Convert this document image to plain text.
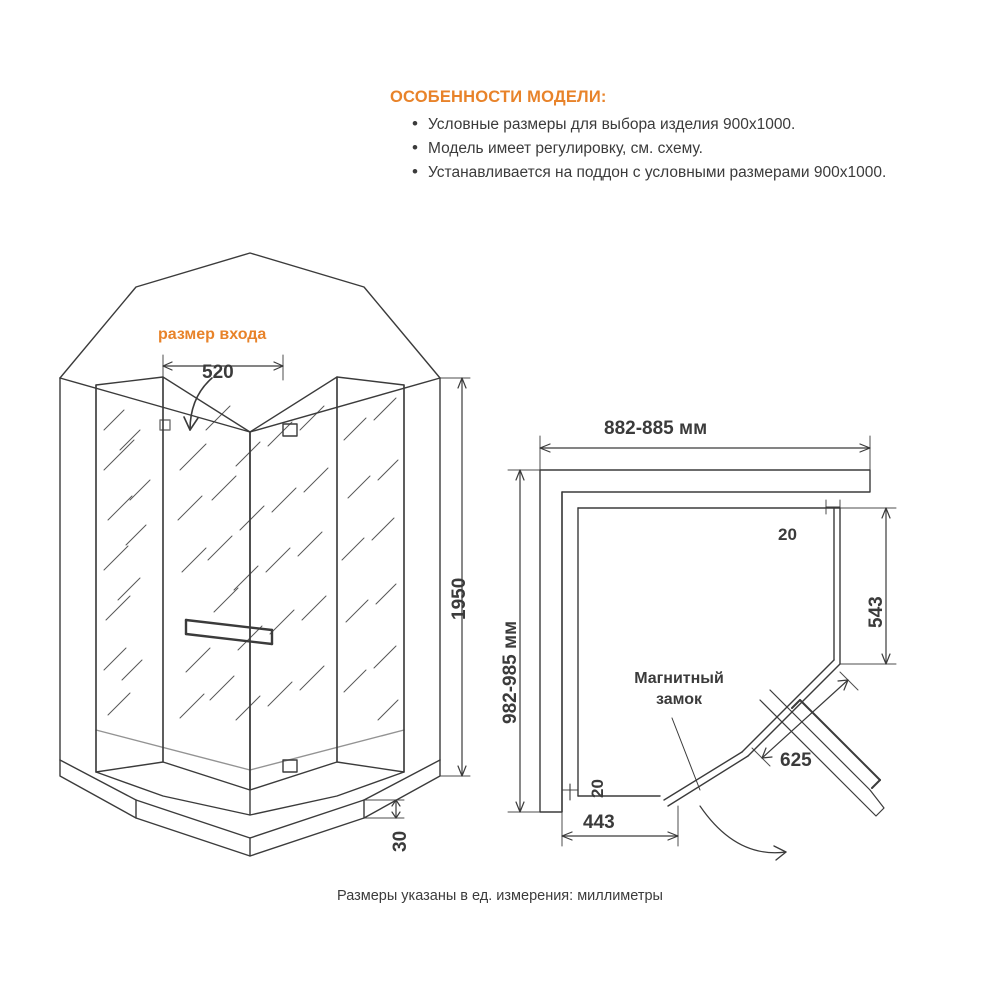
ОСОБЕННОСТИ МОДЕЛИ:
• Условные размеры для выбора изделия 900x1000.
• Модель имеет регулировку, см. схему.
• Устанавливается на поддон с условными размерами 900x1000.
размер входа
520
1950
30
882-885 мм
982-985 мм
20
20
543
Магнитный замок
625
443
Размеры указаны в ед. измерения: миллиметры
